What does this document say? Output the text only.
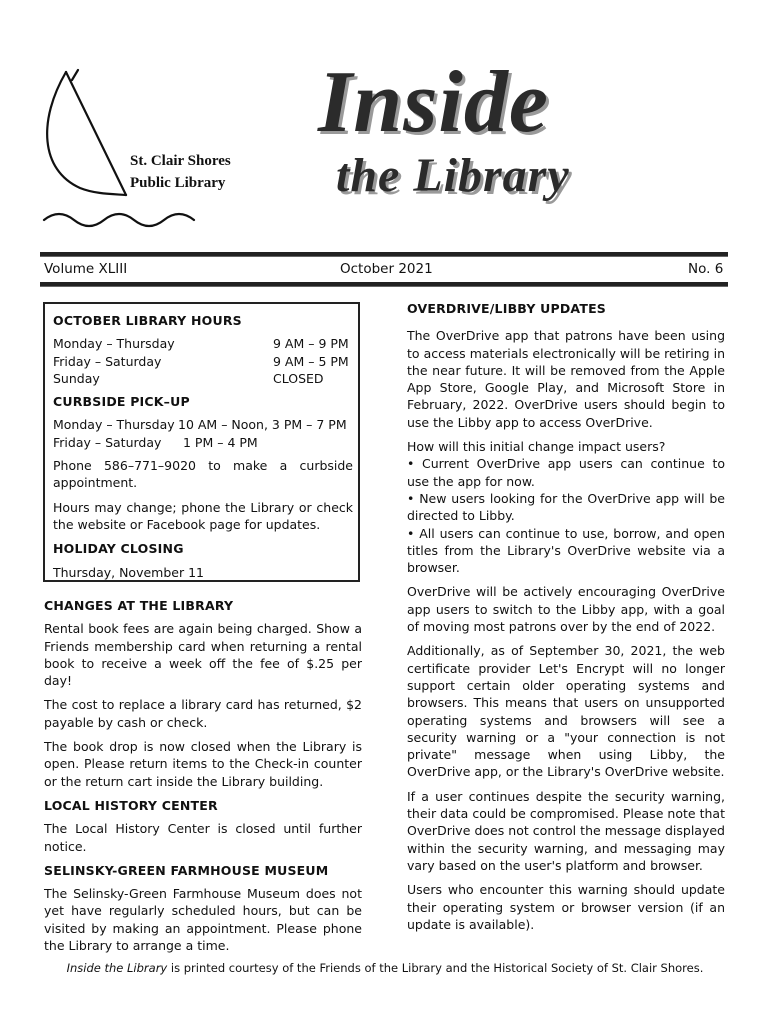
St. Clair Shores
Public Library
Inside
the Library
Volume XLIII	October 2021	No. 6
OCTOBER LIBRARY HOURS
Monday – Thursday	9 AM – 9 PM
Friday – Saturday	9 AM – 5 PM
Sunday	CLOSED
CURBSIDE PICK–UP
Monday – Thursday 10 AM – Noon, 3 PM – 7 PM
Friday – Saturday	1 PM – 4 PM
Phone 586–771–9020 to make a curbside appointment.
Hours may change; phone the Library or check the website or Facebook page for updates.
HOLIDAY CLOSING
Thursday, November 11
CHANGES AT THE LIBRARY
Rental book fees are again being charged. Show a Friends membership card when returning a rental book to receive a week off the fee of $.25 per day!
The cost to replace a library card has returned, $2 payable by cash or check.
The book drop is now closed when the Library is open. Please return items to the Check-in counter or the return cart inside the Library building.
LOCAL HISTORY CENTER
The Local History Center is closed until further notice.
SELINSKY-GREEN FARMHOUSE MUSEUM
The Selinsky-Green Farmhouse Museum does not yet have regularly scheduled hours, but can be visited by making an appointment. Please phone the Library to arrange a time.
OVERDRIVE/LIBBY UPDATES
The OverDrive app that patrons have been using to access materials electronically will be retiring in the near future. It will be removed from the Apple App Store, Google Play, and Microsoft Store in February, 2022. OverDrive users should begin to use the Libby app to access OverDrive.
How will this initial change impact users?
• Current OverDrive app users can continue to use the app for now.
• New users looking for the OverDrive app will be directed to Libby.
• All users can continue to use, borrow, and open titles from the Library's OverDrive website via a browser.
OverDrive will be actively encouraging OverDrive app users to switch to the Libby app, with a goal of moving most patrons over by the end of 2022.
Additionally, as of September 30, 2021, the web certificate provider Let's Encrypt will no longer support certain older operating systems and browsers. This means that users on unsupported operating systems and browsers will see a security warning or a "your connection is not private" message when using Libby, the OverDrive app, or the Library's OverDrive website.
If a user continues despite the security warning, their data could be compromised. Please note that OverDrive does not control the message displayed within the security warning, and messaging may vary based on the user's platform and browser.
Users who encounter this warning should update their operating system or browser version (if an update is available).
Inside the Library is printed courtesy of the Friends of the Library and the Historical Society of St. Clair Shores.
